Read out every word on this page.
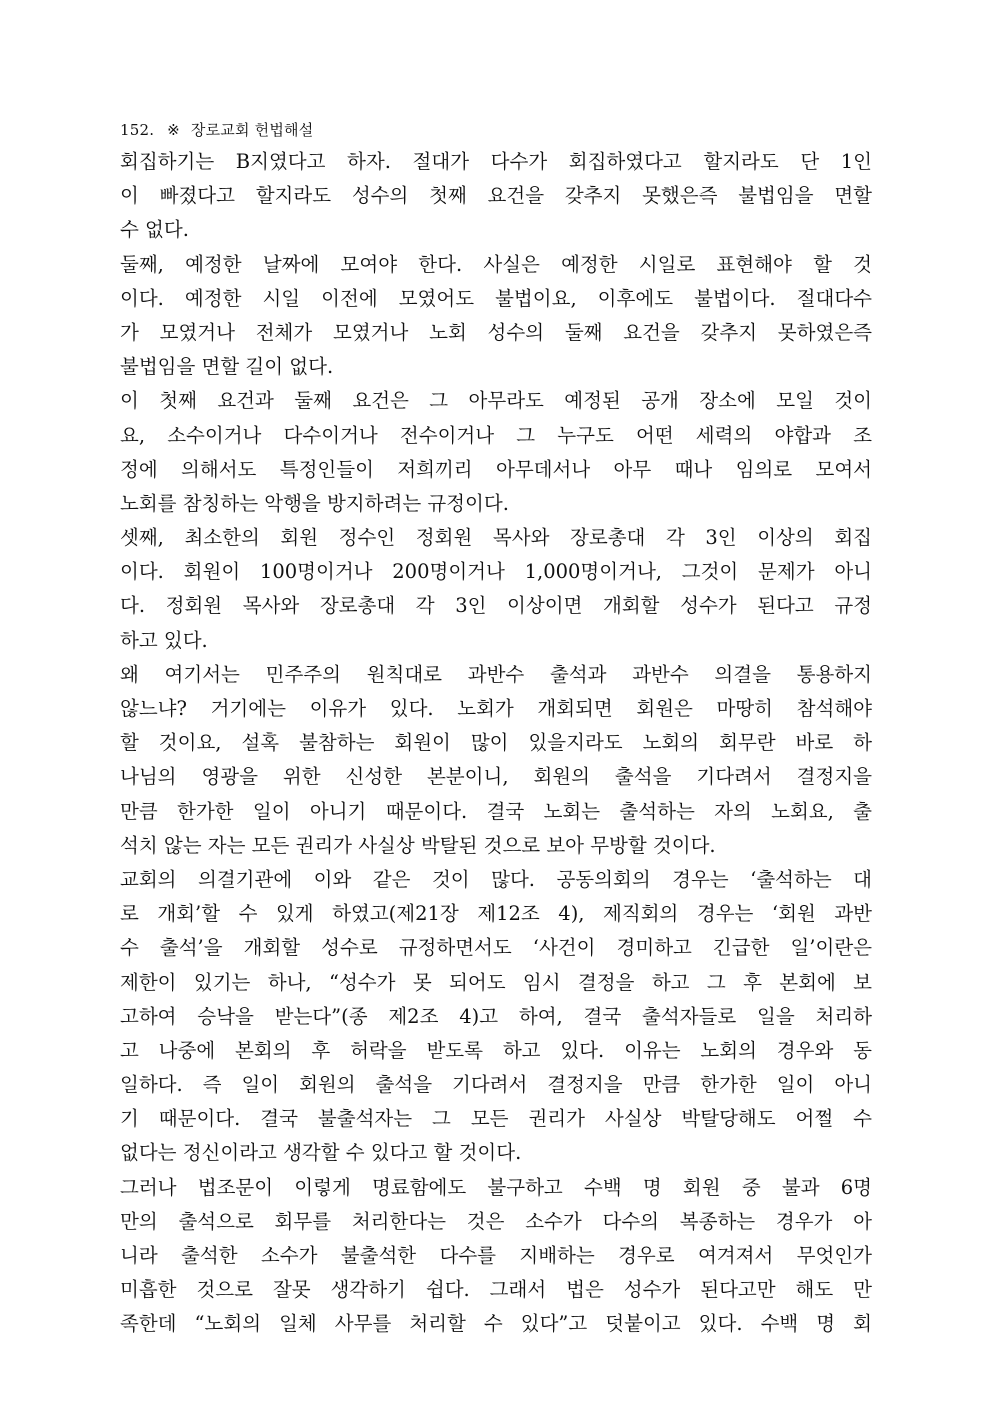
152. ※ 장로교회 헌법해설
회집하기는 B지였다고 하자. 절대가 다수가 회집하였다고 할지라도 단 1인
이 빠졌다고 할지라도 성수의 첫째 요건을 갖추지 못했은즉 불법임을 면할
수 없다.
둘째, 예정한 날짜에 모여야 한다. 사실은 예정한 시일로 표현해야 할 것
이다. 예정한 시일 이전에 모였어도 불법이요, 이후에도 불법이다. 절대다수
가 모였거나 전체가 모였거나 노회 성수의 둘째 요건을 갖추지 못하였은즉
불법임을 면할 길이 없다.
이 첫째 요건과 둘째 요건은 그 아무라도 예정된 공개 장소에 모일 것이
요, 소수이거나 다수이거나 전수이거나 그 누구도 어떤 세력의 야합과 조
정에 의해서도 특정인들이 저희끼리 아무데서나 아무 때나 임의로 모여서
노회를 참칭하는 악행을 방지하려는 규정이다.
셋째, 최소한의 회원 정수인 정회원 목사와 장로총대 각 3인 이상의 회집
이다. 회원이 100명이거나 200명이거나 1,000명이거나, 그것이 문제가 아니
다. 정회원 목사와 장로총대 각 3인 이상이면 개회할 성수가 된다고 규정
하고 있다.
왜 여기서는 민주주의 원칙대로 과반수 출석과 과반수 의결을 통용하지
않느냐? 거기에는 이유가 있다. 노회가 개회되면 회원은 마땅히 참석해야
할 것이요, 설혹 불참하는 회원이 많이 있을지라도 노회의 회무란 바로 하
나님의 영광을 위한 신성한 본분이니, 회원의 출석을 기다려서 결정지을
만큼 한가한 일이 아니기 때문이다. 결국 노회는 출석하는 자의 노회요, 출
석치 않는 자는 모든 권리가 사실상 박탈된 것으로 보아 무방할 것이다.
교회의 의결기관에 이와 같은 것이 많다. 공동의회의 경우는 ‘출석하는 대
로 개회’할 수 있게 하였고(제21장 제12조 4), 제직회의 경우는 ‘회원 과반
수 출석’을 개회할 성수로 규정하면서도 ‘사건이 경미하고 긴급한 일’이란은
제한이 있기는 하나, “성수가 못 되어도 임시 결정을 하고 그 후 본회에 보
고하여 승낙을 받는다”(종 제2조 4)고 하여, 결국 출석자들로 일을 처리하
고 나중에 본회의 후 허락을 받도록 하고 있다. 이유는 노회의 경우와 동
일하다. 즉 일이 회원의 출석을 기다려서 결정지을 만큼 한가한 일이 아니
기 때문이다. 결국 불출석자는 그 모든 권리가 사실상 박탈당해도 어쩔 수
없다는 정신이라고 생각할 수 있다고 할 것이다.
그러나 법조문이 이렇게 명료함에도 불구하고 수백 명 회원 중 불과 6명
만의 출석으로 회무를 처리한다는 것은 소수가 다수의 복종하는 경우가 아
니라 출석한 소수가 불출석한 다수를 지배하는 경우로 여겨져서 무엇인가
미흡한 것으로 잘못 생각하기 쉽다. 그래서 법은 성수가 된다고만 해도 만
족한데 “노회의 일체 사무를 처리할 수 있다”고 덧붙이고 있다. 수백 명 회
